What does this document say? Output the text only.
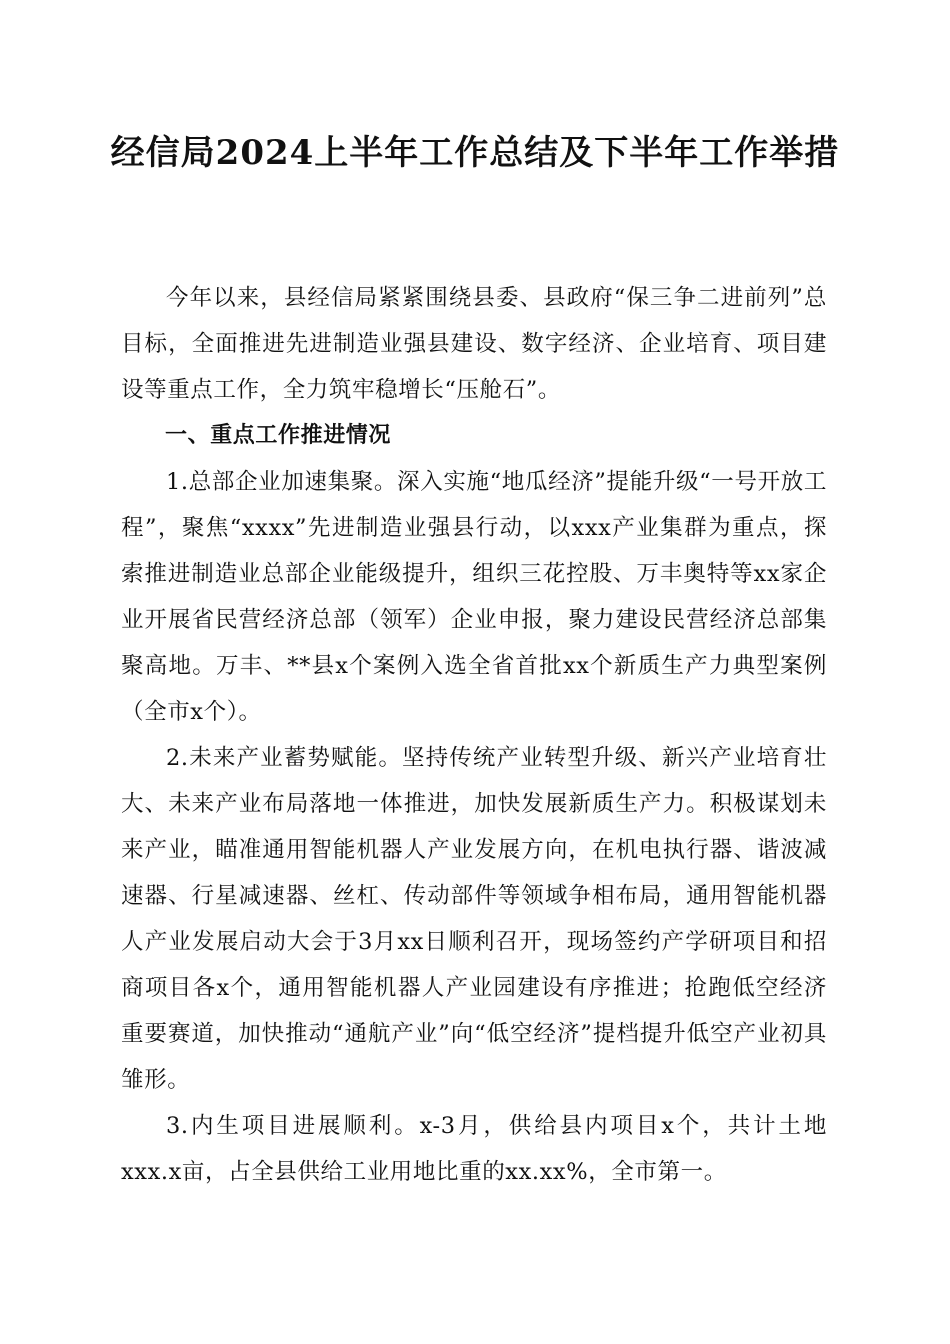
经信局2024上半年工作总结及下半年工作举措

今年以来，县经信局紧紧围绕县委、县政府“保三争二进前列”总目标，全面推进先进制造业强县建设、数字经济、企业培育、项目建设等重点工作，全力筑牢稳增长“压舱石”。

一、重点工作推进情况

1.总部企业加速集聚。深入实施“地瓜经济”提能升级“一号开放工程”，聚焦“xxxx”先进制造业强县行动，以xxx产业集群为重点，探索推进制造业总部企业能级提升，组织三花控股、万丰奥特等xx家企业开展省民营经济总部（领军）企业申报，聚力建设民营经济总部集聚高地。万丰、**县x个案例入选全省首批xx个新质生产力典型案例（全市x个）。

2.未来产业蓄势赋能。坚持传统产业转型升级、新兴产业培育壮大、未来产业布局落地一体推进，加快发展新质生产力。积极谋划未来产业，瞄准通用智能机器人产业发展方向，在机电执行器、谐波减速器、行星减速器、丝杠、传动部件等领域争相布局，通用智能机器人产业发展启动大会于3月xx日顺利召开，现场签约产学研项目和招商项目各x个，通用智能机器人产业园建设有序推进；抢跑低空经济重要赛道，加快推动“通航产业”向“低空经济”提档提升低空产业初具雏形。

3.内生项目进展顺利。x-3月，供给县内项目x个，共计土地xxx.x亩，占全县供给工业用地比重的xx.xx%，全市第一。
